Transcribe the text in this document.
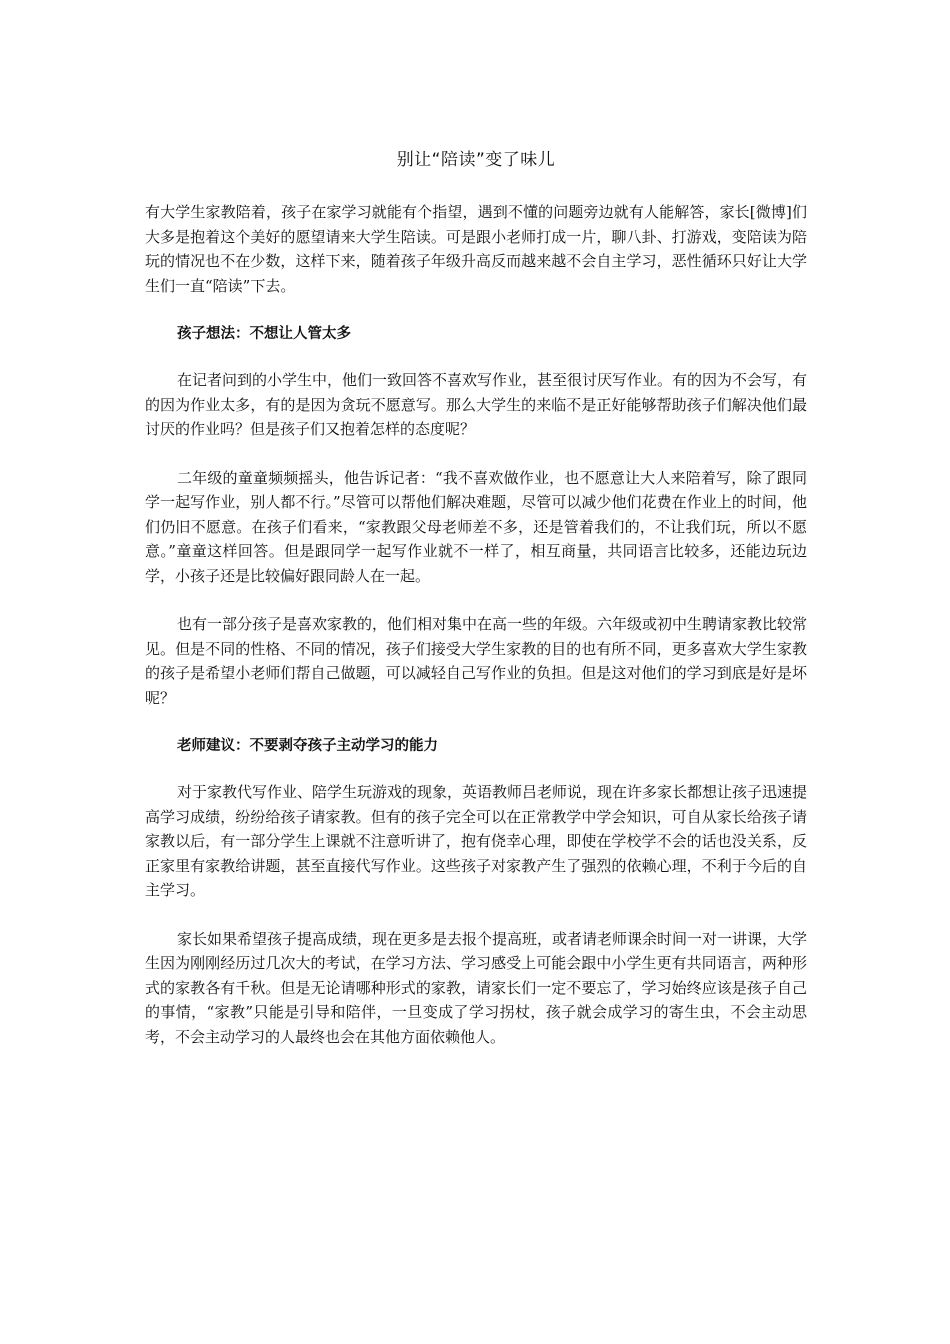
别让“陪读”变了味儿

有大学生家教陪着，孩子在家学习就能有个指望，遇到不懂的问题旁边就有人能解答，家长[微博]们大多是抱着这个美好的愿望请来大学生陪读。可是跟小老师打成一片，聊八卦、打游戏，变陪读为陪玩的情况也不在少数，这样下来，随着孩子年级升高反而越来越不会自主学习，恶性循环只好让大学生们一直“陪读”下去。

孩子想法：不想让人管太多

在记者问到的小学生中，他们一致回答不喜欢写作业，甚至很讨厌写作业。有的因为不会写，有的因为作业太多，有的是因为贪玩不愿意写。那么大学生的来临不是正好能够帮助孩子们解决他们最讨厌的作业吗？但是孩子们又抱着怎样的态度呢？

二年级的童童频频摇头，他告诉记者：“我不喜欢做作业，也不愿意让大人来陪着写，除了跟同学一起写作业，别人都不行。”尽管可以帮他们解决难题，尽管可以减少他们花费在作业上的时间，他们仍旧不愿意。在孩子们看来，“家教跟父母老师差不多，还是管着我们的，不让我们玩，所以不愿意。”童童这样回答。但是跟同学一起写作业就不一样了，相互商量，共同语言比较多，还能边玩边学，小孩子还是比较偏好跟同龄人在一起。

也有一部分孩子是喜欢家教的，他们相对集中在高一些的年级。六年级或初中生聘请家教比较常见。但是不同的性格、不同的情况，孩子们接受大学生家教的目的也有所不同，更多喜欢大学生家教的孩子是希望小老师们帮自己做题，可以减轻自己写作业的负担。但是这对他们的学习到底是好是坏呢？

老师建议：不要剥夺孩子主动学习的能力

对于家教代写作业、陪学生玩游戏的现象，英语教师吕老师说，现在许多家长都想让孩子迅速提高学习成绩，纷纷给孩子请家教。但有的孩子完全可以在正常教学中学会知识，可自从家长给孩子请家教以后，有一部分学生上课就不注意听讲了，抱有侥幸心理，即使在学校学不会的话也没关系，反正家里有家教给讲题，甚至直接代写作业。这些孩子对家教产生了强烈的依赖心理，不利于今后的自主学习。

家长如果希望孩子提高成绩，现在更多是去报个提高班，或者请老师课余时间一对一讲课，大学生因为刚刚经历过几次大的考试，在学习方法、学习感受上可能会跟中小学生更有共同语言，两种形式的家教各有千秋。但是无论请哪种形式的家教，请家长们一定不要忘了，学习始终应该是孩子自己的事情，“家教”只能是引导和陪伴，一旦变成了学习拐杖，孩子就会成学习的寄生虫，不会主动思考，不会主动学习的人最终也会在其他方面依赖他人。
